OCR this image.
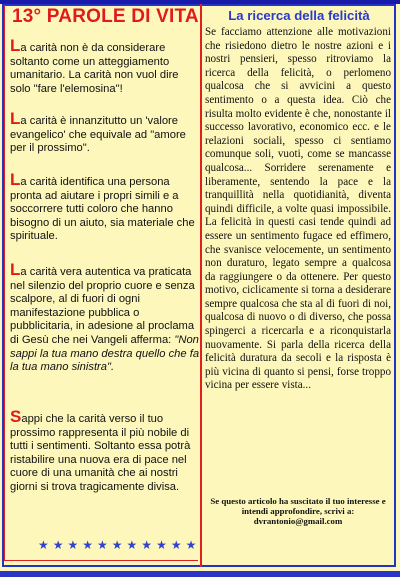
13° PAROLE DI VITA

La carità non è da considerare soltanto come un atteggiamento umanitario. La carità non vuol dire solo "fare l'elemosina"!

La carità è innanzitutto un 'valore evangelico' che equivale ad "amore per il prossimo".

La carità identifica una persona pronta ad aiutare i propri simili e a soccorrere tutti coloro che hanno bisogno di un aiuto, sia materiale che spirituale.

La carità vera autentica va praticata nel silenzio del proprio cuore e senza scalpore, al di fuori di ogni manifestazione pubblica o pubblicitaria, in adesione al proclama di Gesù che nei Vangeli afferma: "Non sappi la tua mano destra quello che fa la tua mano sinistra".

Sappi che la carità verso il tuo prossimo rappresenta il più nobile di tutti i sentimenti. Soltanto essa potrà ristabilire una nuova era di pace nel cuore di una umanità che ai nostri giorni si trova tragicamente divisa.

★★★★★★★★★★★
La ricerca della felicità

Se facciamo attenzione alle motivazioni che risiedono dietro le nostre azioni e i nostri pensieri, spesso ritroviamo la ricerca della felicità, o perlomeno qualcosa che si avvicini a questo sentimento o a questa idea. Ciò che risulta molto evidente è che, nonostante il successo lavorativo, economico ecc. e le relazioni sociali, spesso ci sentiamo comunque soli, vuoti, come se mancasse qualcosa... Sorridere serenamente e liberamente, sentendo la pace e la tranquillità nella quotidianità, diventa quindi difficile, a volte quasi impossibile. La felicità in questi casi tende quindi ad essere un sentimento fugace ed effimero, che svanisce velocemente, un sentimento non duraturo, legato sempre a qualcosa da raggiungere o da ottenere. Per questo motivo, ciclicamente si torna a desiderare sempre qualcosa che sta al di fuori di noi, qualcosa di nuovo o di diverso, che possa spingerci a ricercarla e a riconquistarla nuovamente. Si parla della ricerca della felicità duratura da secoli e la risposta è più vicina di quanto si pensi, forse troppo vicina per essere vista...

Se questo articolo ha suscitato il tuo interesse e intendi approfondire, scrivi a: dvrantonio@gmail.com
